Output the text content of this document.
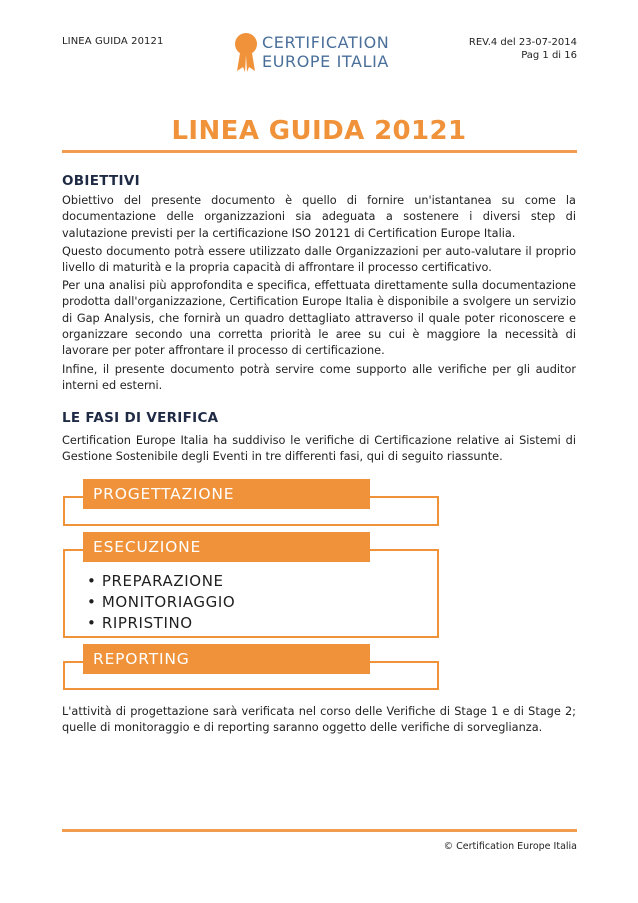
LINEA GUIDA 20121	CERTIFICATION
EUROPE ITALIA
REV.4 del 23-07-2014
Pag 1 di 16
LINEA GUIDA 20121
OBIETTIVI
Obiettivo del presente documento è quello di fornire un'istantanea su come la documentazione delle organizzazioni sia adeguata a sostenere i diversi step di valutazione previsti per la certificazione ISO 20121 di Certification Europe Italia.
Questo documento potrà essere utilizzato dalle Organizzazioni per auto-valutare il proprio livello di maturità e la propria capacità di affrontare il processo certificativo.
Per una analisi più approfondita e specifica, effettuata direttamente sulla documentazione prodotta dall'organizzazione, Certification Europe Italia è disponibile a svolgere un servizio di Gap Analysis, che fornirà un quadro dettagliato attraverso il quale poter riconoscere e organizzare secondo una corretta priorità le aree su cui è maggiore la necessità di lavorare per poter affrontare il processo di certificazione.
Infine, il presente documento potrà servire come supporto alle verifiche per gli auditor interni ed esterni.
LE FASI DI VERIFICA
Certification Europe Italia ha suddiviso le verifiche di Certificazione relative ai Sistemi di Gestione Sostenibile degli Eventi in tre differenti fasi, qui di seguito riassunte.
PROGETTAZIONE
• PREPARAZIONE
• MONITORIAGGIO
• RIPRISTINO
ESECUZIONE
REPORTING
L'attività di progettazione sarà verificata nel corso delle Verifiche di Stage 1 e di Stage 2; quelle di monitoraggio e di reporting saranno oggetto delle verifiche di sorveglianza.
© Certification Europe Italia
